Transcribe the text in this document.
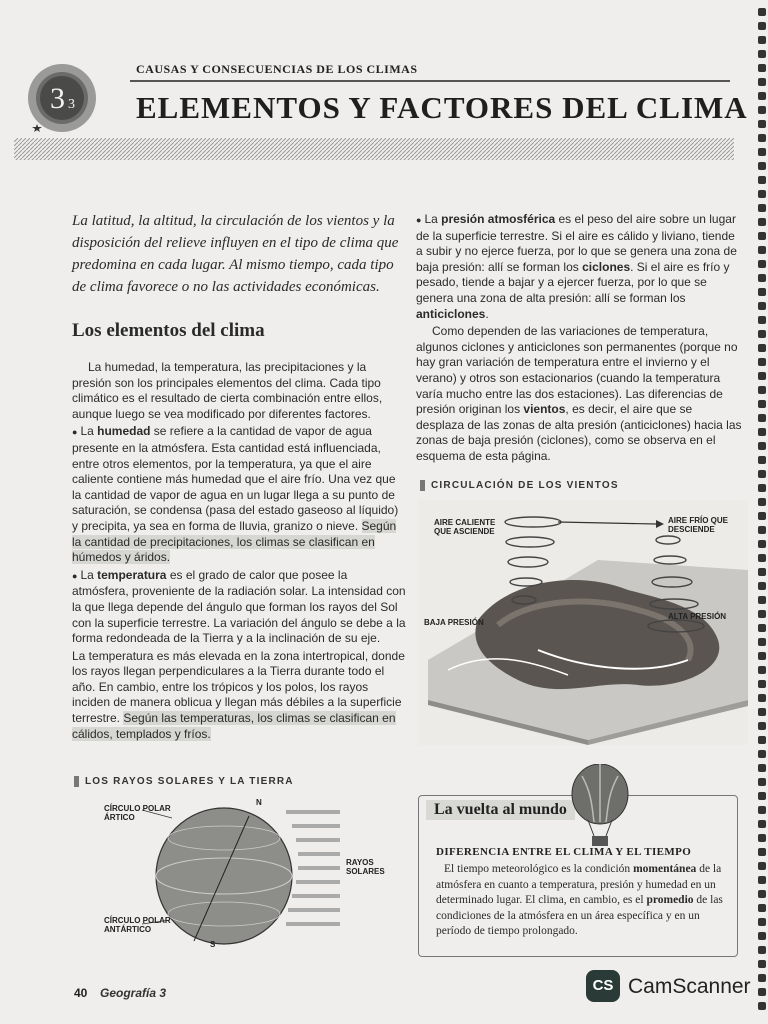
3 3
CAUSAS Y CONSECUENCIAS DE LOS CLIMAS
ELEMENTOS Y FACTORES DEL CLIMA
La latitud, la altitud, la circulación de los vientos y la disposición del relieve influyen en el tipo de clima que predomina en cada lugar. Al mismo tiempo, cada tipo de clima favorece o no las actividades económicas.
Los elementos del clima

La humedad, la temperatura, las precipitaciones y la presión son los principales elementos del clima. Cada tipo climático es el resultado de cierta combinación entre ellos, aunque luego se vea modificado por diferentes factores.

● La humedad se refiere a la cantidad de vapor de agua presente en la atmósfera. Esta cantidad está influenciada, entre otros elementos, por la temperatura, ya que el aire caliente contiene más humedad que el aire frío. Una vez que la cantidad de vapor de agua en un lugar llega a su punto de saturación, se condensa (pasa del estado gaseoso al líquido) y precipita, ya sea en forma de lluvia, granizo o nieve. Según la cantidad de precipitaciones, los climas se clasifican en húmedos y áridos.

● La temperatura es el grado de calor que posee la atmósfera, proveniente de la radiación solar. La intensidad con la que llega depende del ángulo que forman los rayos del Sol con la superficie terrestre. La variación del ángulo se debe a la forma redondeada de la Tierra y a la inclinación de su eje.

La temperatura es más elevada en la zona intertropical, donde los rayos llegan perpendiculares a la Tierra durante todo el año. En cambio, entre los trópicos y los polos, los rayos inciden de manera oblicua y llegan más débiles a la superficie terrestre. Según las temperaturas, los climas se clasifican en cálidos, templados y fríos.

● La presión atmosférica es el peso del aire sobre un lugar de la superficie terrestre. Si el aire es cálido y liviano, tiende a subir y no ejerce fuerza, por lo que se genera una zona de baja presión: allí se forman los ciclones. Si el aire es frío y pesado, tiende a bajar y a ejercer fuerza, por lo que se genera una zona de alta presión: allí se forman los anticiclones.

Como dependen de las variaciones de temperatura, algunos ciclones y anticiclones son permanentes (porque no hay gran variación de temperatura entre el invierno y el verano) y otros son estacionarios (cuando la temperatura varía mucho entre las dos estaciones). Las diferencias de presión originan los vientos, es decir, el aire que se desplaza de las zonas de alta presión (anticiclones) hacia las zonas de baja presión (ciclones), como se observa en el esquema de esta página.

CIRCULACIÓN DE LOS VIENTOS
AIRE CALIENTE QUE ASCIENDE
AIRE FRÍO QUE DESCIENDE
BAJA PRESIÓN
ALTA PRESIÓN
LOS RAYOS SOLARES Y LA TIERRA
CÍRCULO POLAR ÁRTICO
CÍRCULO POLAR ANTÁRTICO
RAYOS SOLARES
N
S
La vuelta al mundo
DIFERENCIA ENTRE EL CLIMA Y EL TIEMPO
El tiempo meteorológico es la condición momentánea de la atmósfera en cuanto a temperatura, presión y humedad en un determinado lugar. El clima, en cambio, es el promedio de las condiciones de la atmósfera en un área específica y en un período de tiempo prolongado.
40 Geografía 3	CS CamScanner
